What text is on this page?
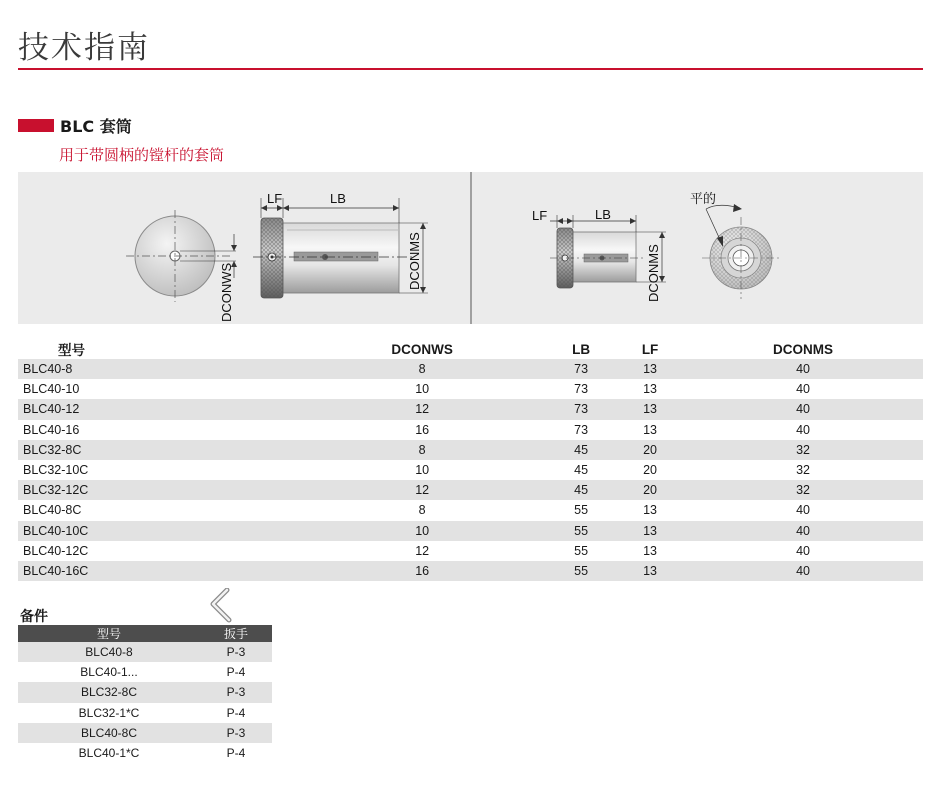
技术指南
BLC 套筒
用于带圆柄的镗杆的套筒
DCONWS
LF	LB
DCONMS
LF	LB
DCONMS
平的
型号	DCONWS	LB	LF	DCONMS
BLC40-8	8	73	13	40
BLC40-10	10	73	13	40
BLC40-12	12	73	13	40
BLC40-16	16	73	13	40
BLC32-8C	8	45	20	32
BLC32-10C	10	45	20	32
BLC32-12C	12	45	20	32
BLC40-8C	8	55	13	40
BLC40-10C	10	55	13	40
BLC40-12C	12	55	13	40
BLC40-16C	16	55	13	40
备件
型号	扳手
BLC40-8	P-3
BLC40-1...	P-4
BLC32-8C	P-3
BLC32-1*C	P-4
BLC40-8C	P-3
BLC40-1*C	P-4
